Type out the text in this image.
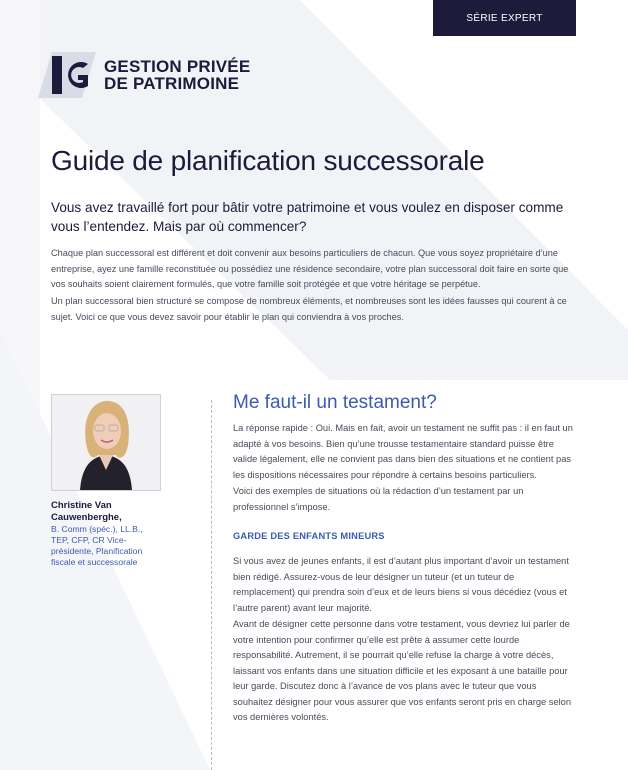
SÉRIE EXPERT
GESTION PRIVÉE
DE PATRIMOINE
Guide de planification successorale

Vous avez travaillé fort pour bâtir votre patrimoine et vous voulez en disposer comme vous l’entendez. Mais par où commencer?

Chaque plan successoral est différent et doit convenir aux besoins particuliers de chacun. Que vous soyez propriétaire d’une entreprise, ayez une famille reconstituée ou possédiez une résidence secondaire, votre plan successoral doit faire en sorte que vos souhaits soient clairement formulés, que votre famille soit protégée et que votre héritage se perpétue.

Un plan successoral bien structuré se compose de nombreux éléments, et nombreuses sont les idées fausses qui courent à ce sujet. Voici ce que vous devez savoir pour établir le plan qui conviendra à vos proches.

Christine Van Cauwenberghe,

B. Comm (spéc.), LL.B., TEP, CFP, CR Vice-présidente, Planification fiscale et successorale

Me faut-il un testament?

La réponse rapide : Oui. Mais en fait, avoir un testament ne suffit pas : il en faut un adapté à vos besoins. Bien qu’une trousse testamentaire standard puisse être valide légalement, elle ne convient pas dans bien des situations et ne contient pas les dispositions nécessaires pour répondre à certains besoins particuliers.

Voici des exemples de situations où la rédaction d’un testament par un professionnel s’impose.

GARDE DES ENFANTS MINEURS

Si vous avez de jeunes enfants, il est d’autant plus important d’avoir un testament bien rédigé. Assurez-vous de leur désigner un tuteur (et un tuteur de remplacement) qui prendra soin d’eux et de leurs biens si vous décédiez (vous et l’autre parent) avant leur majorité.

Avant de désigner cette personne dans votre testament, vous devriez lui parler de votre intention pour confirmer qu’elle est prête à assumer cette lourde responsabilité. Autrement, il se pourrait qu’elle refuse la charge à votre décès, laissant vos enfants dans une situation difficile et les exposant à une bataille pour leur garde. Discutez donc à l’avance de vos plans avec le tuteur que vous souhaitez désigner pour vous assurer que vos enfants seront pris en charge selon vos dernières volontés.
